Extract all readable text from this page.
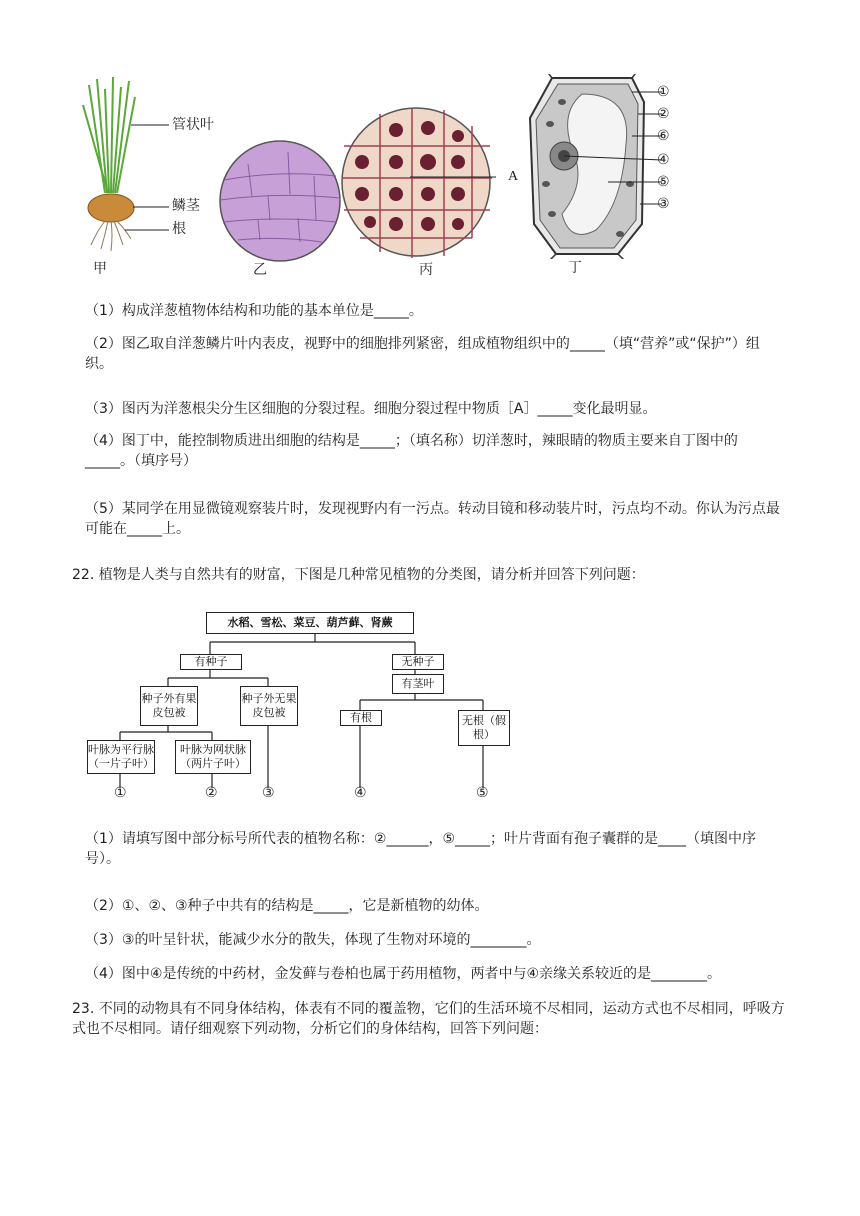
管状叶
鳞茎
根
甲	乙
A
丙
①
②
⑥
④
⑤
③
丁
（1）构成洋葱植物体结构和功能的基本单位是_____。
（2）图乙取自洋葱鳞片叶内表皮，视野中的细胞排列紧密，组成植物组织中的_____（填“营养”或“保护”）组织。
（3）图丙为洋葱根尖分生区细胞的分裂过程。细胞分裂过程中物质［A］_____变化最明显。
（4）图丁中，能控制物质进出细胞的结构是_____；（填名称）切洋葱时，辣眼睛的物质主要来自丁图中的_____。（填序号）
（5）某同学在用显微镜观察装片时，发现视野内有一污点。转动目镜和移动装片时，污点均不动。你认为污点最可能在_____上。
22. 植物是人类与自然共有的财富，下图是几种常见植物的分类图，请分析并回答下列问题：
水稻、雪松、菜豆、葫芦藓、肾蕨
有种子	无种子
有茎叶
种子外有果皮包被
种子外无果皮包被	有根	无根（假根）
叶脉为平行脉（一片子叶）
叶脉为网状脉（两片子叶）
①	②	③	④	⑤
（1）请填写图中部分标号所代表的植物名称：②______，⑤_____；叶片背面有孢子囊群的是____（填图中序号）。
（2）①、②、③种子中共有的结构是_____，它是新植物的幼体。
（3）③的叶呈针状，能减少水分的散失，体现了生物对环境的________。
（4）图中④是传统的中药材，金发藓与卷柏也属于药用植物，两者中与④亲缘关系较近的是________。
23. 不同的动物具有不同身体结构，体表有不同的覆盖物，它们的生活环境不尽相同，运动方式也不尽相同，呼吸方式也不尽相同。请仔细观察下列动物，分析它们的身体结构，回答下列问题：
